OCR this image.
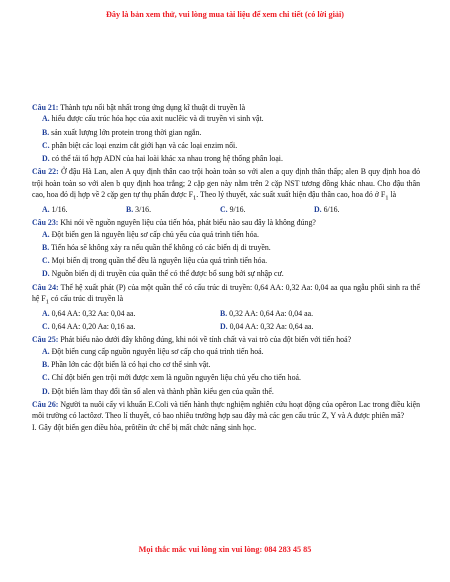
Đây là bản xem thử, vui lòng mua tài liệu để xem chi tiết (có lời giải)

Câu 21: Thành tựu nổi bật nhất trong ứng dụng kĩ thuật di truyền là

A. hiểu được cấu trúc hóa học của axit nuclêic và di truyền vi sinh vật.

B. sản xuất lượng lớn protein trong thời gian ngắn.

C. phân biệt các loại enzim cắt giới hạn và các loại enzim nối.

D. có thể tái tổ hợp ADN của hai loài khác xa nhau trong hệ thống phân loại.

Câu 22: Ở đậu Hà Lan, alen A quy định thân cao trội hoàn toàn so với alen a quy định thân thấp; alen B quy định hoa đỏ trội hoàn toàn so với alen b quy định hoa trắng; 2 cặp gen này nằm trên 2 cặp NST tương đồng khác nhau. Cho đậu thân cao, hoa đỏ dị hợp về 2 cặp gen tự thụ phấn được $F_1$. Theo lý thuyết, xác suất xuất hiện đậu thân cao, hoa đỏ ở $F_1$ là

A. 1/16.	B. 3/16.	C. 9/16.	D. 6/16.

Câu 23: Khi nói về nguồn nguyên liệu của tiến hóa, phát biểu nào sau đây là không đúng?

A. Đột biến gen là nguyên liệu sơ cấp chủ yếu của quá trình tiến hóa.

B. Tiến hóa sẽ không xảy ra nếu quần thể không có các biến dị di truyền.

C. Mọi biến dị trong quần thể đều là nguyên liệu của quá trình tiến hóa.

D. Nguồn biến dị di truyền của quần thể có thể được bổ sung bởi sự nhập cư.

Câu 24: Thế hệ xuất phát (P) của một quần thể có cấu trúc di truyền: 0,64 AA: 0,32 Aa: 0,04 aa qua ngẫu phối sinh ra thế hệ $F_1$ có cấu trúc di truyền là

A. 0,64 AA: 0,32 Aa: 0,04 aa.	B. 0,32 AA: 0,64 Aa: 0,04 aa.
C. 0,64 AA: 0,20 Aa: 0,16 aa.	D. 0,04 AA: 0,32 Aa: 0,64 aa.

Câu 25: Phát biểu nào dưới đây không đúng, khi nói về tính chất và vai trò của đột biến với tiến hoá?

A. Đột biến cung cấp nguồn nguyên liệu sơ cấp cho quá trình tiến hoá.

B. Phần lớn các đột biến là có hại cho cơ thể sinh vật.

C. Chỉ đột biến gen trội mới được xem là nguồn nguyên liệu chủ yếu cho tiến hoá.

D. Đột biến làm thay đổi tần số alen và thành phần kiểu gen của quần thể.

Câu 26: Người ta nuôi cấy vi khuẩn E.Coli và tiến hành thực nghiệm nghiên cứu hoạt động của opêron Lac trong điều kiện môi trường có lactôzơ. Theo lí thuyết, có bao nhiêu trường hợp sau đây mà các gen cấu trúc Z, Y và A được phiên mã?

I. Gây đột biến gen điều hòa, prôtêin ức chế bị mất chức năng sinh học.

Mọi thắc mắc vui lòng xin vui lòng: 084 283 45 85
